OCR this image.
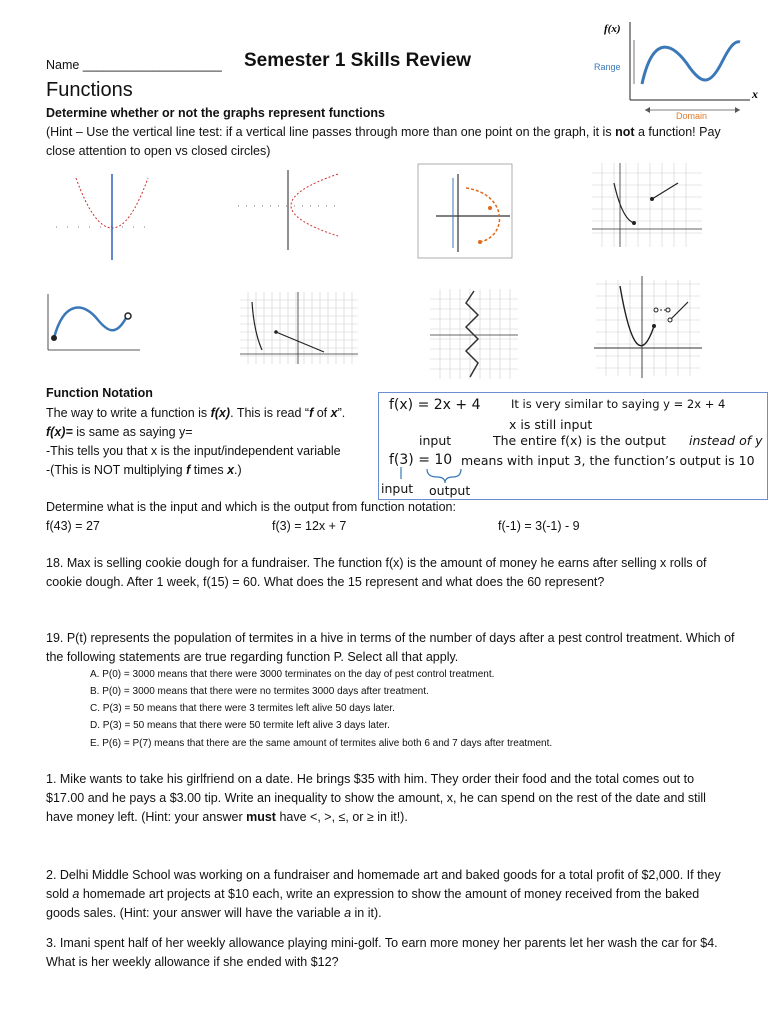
Name ____________________ Semester 1 Skills Review
f(x)
x
Range
Domain
Functions
Determine whether or not the graphs represent functions
(Hint – Use the vertical line test: if a vertical line passes through more than one point on the graph, it is not a function! Pay close attention to open vs closed circles)
Function Notation
The way to write a function is f(x). This is read “f of x”.
f(x)= is same as saying y=
-This tells you that x is the input/independent variable
-(This is NOT multiplying f times x.)
f(x) = 2x + 4	It is very similar to saying y = 2x + 4
x is still input
input	The entire f(x) is the output instead of y
f(3) = 10 means with input 3, the function’s output is 10
input output
Determine what is the input and which is the output from function notation:
f(43) = 27	f(3) = 12x + 7	f(-1) = 3(-1) - 9
18. Max is selling cookie dough for a fundraiser. The function f(x) is the amount of money he earns after selling x rolls of cookie dough. After 1 week, f(15) = 60. What does the 15 represent and what does the 60 represent?
19. P(t) represents the population of termites in a hive in terms of the number of days after a pest control treatment. Which of the following statements are true regarding function P. Select all that apply.
A. P(0) = 3000 means that there were 3000 terminates on the day of pest control treatment.
B. P(0) = 3000 means that there were no termites 3000 days after treatment.
C. P(3) = 50 means that there were 3 termites left alive 50 days later.
D. P(3) = 50 means that there were 50 termite left alive 3 days later.
E. P(6) = P(7) means that there are the same amount of termites alive both 6 and 7 days after treatment.
1. Mike wants to take his girlfriend on a date. He brings $35 with him. They order their food and the total comes out to $17.00 and he pays a $3.00 tip. Write an inequality to show the amount, x, he can spend on the rest of the date and still have money left. (Hint: your answer must have <, >, ≤, or ≥ in it!).
2. Delhi Middle School was working on a fundraiser and homemade art and baked goods for a total profit of $2,000. If they sold a homemade art projects at $10 each, write an expression to show the amount of money received from the baked goods sales. (Hint: your answer will have the variable a in it).
3. Imani spent half of her weekly allowance playing mini-golf. To earn more money her parents let her wash the car for $4. What is her weekly allowance if she ended with $12?
